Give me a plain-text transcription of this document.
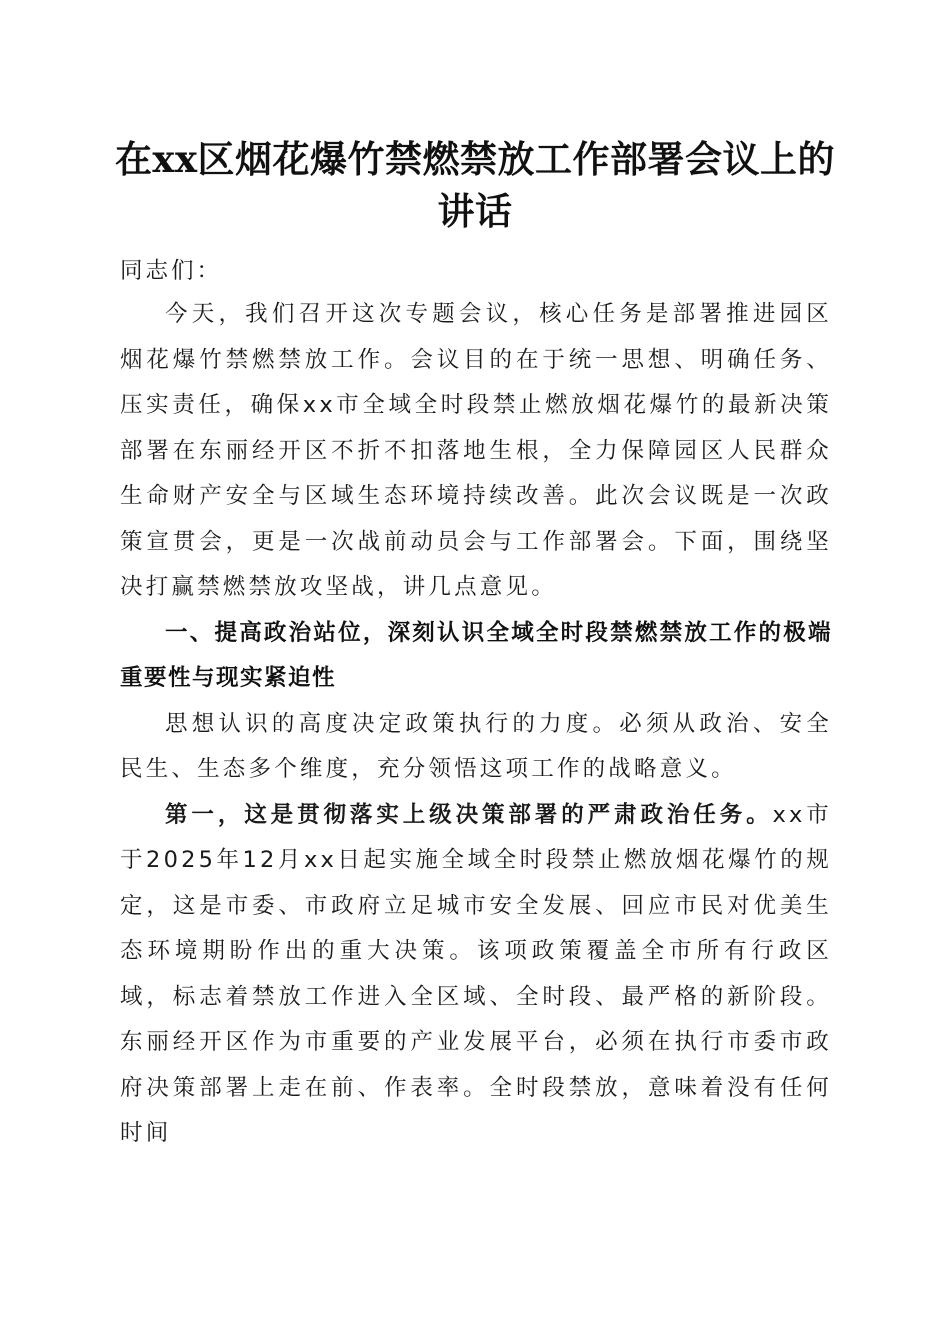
在xx区烟花爆竹禁燃禁放工作部署会议上的
讲话

同志们：

今天，我们召开这次专题会议，核心任务是部署推进园区烟花爆竹禁燃禁放工作。会议目的在于统一思想、明确任务、压实责任，确保xx市全域全时段禁止燃放烟花爆竹的最新决策部署在东丽经开区不折不扣落地生根，全力保障园区人民群众生命财产安全与区域生态环境持续改善。此次会议既是一次政策宣贯会，更是一次战前动员会与工作部署会。下面，围绕坚决打赢禁燃禁放攻坚战，讲几点意见。

一、提高政治站位，深刻认识全域全时段禁燃禁放工作的极端重要性与现实紧迫性

思想认识的高度决定政策执行的力度。必须从政治、安全民生、生态多个维度，充分领悟这项工作的战略意义。

第一，这是贯彻落实上级决策部署的严肃政治任务。xx市于2025年12月xx日起实施全域全时段禁止燃放烟花爆竹的规定，这是市委、市政府立足城市安全发展、回应市民对优美生态环境期盼作出的重大决策。该项政策覆盖全市所有行政区域，标志着禁放工作进入全区域、全时段、最严格的新阶段。东丽经开区作为市重要的产业发展平台，必须在执行市委市政府决策部署上走在前、作表率。全时段禁放，意味着没有任何时间
